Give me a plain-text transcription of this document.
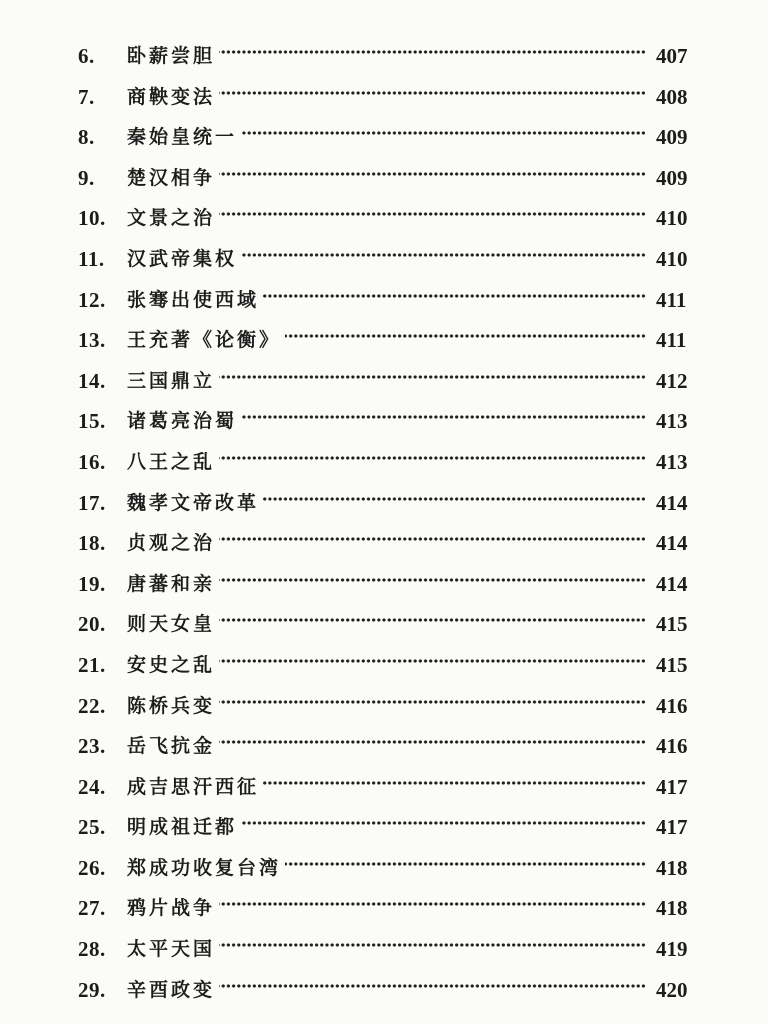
6.	卧薪尝胆	407
7.	商鞅变法	408
8.	秦始皇统一	409
9.	楚汉相争	409
10.	文景之治	410
11.	汉武帝集权	410
12.	张骞出使西域	411
13.	王充著《论衡》	411
14.	三国鼎立	412
15.	诸葛亮治蜀	413
16.	八王之乱	413
17.	魏孝文帝改革	414
18.	贞观之治	414
19.	唐蕃和亲	414
20.	则天女皇	415
21.	安史之乱	415
22.	陈桥兵变	416
23.	岳飞抗金	416
24.	成吉思汗西征	417
25.	明成祖迁都	417
26.	郑成功收复台湾	418
27.	鸦片战争	418
28.	太平天国	419
29.	辛酉政变	420
